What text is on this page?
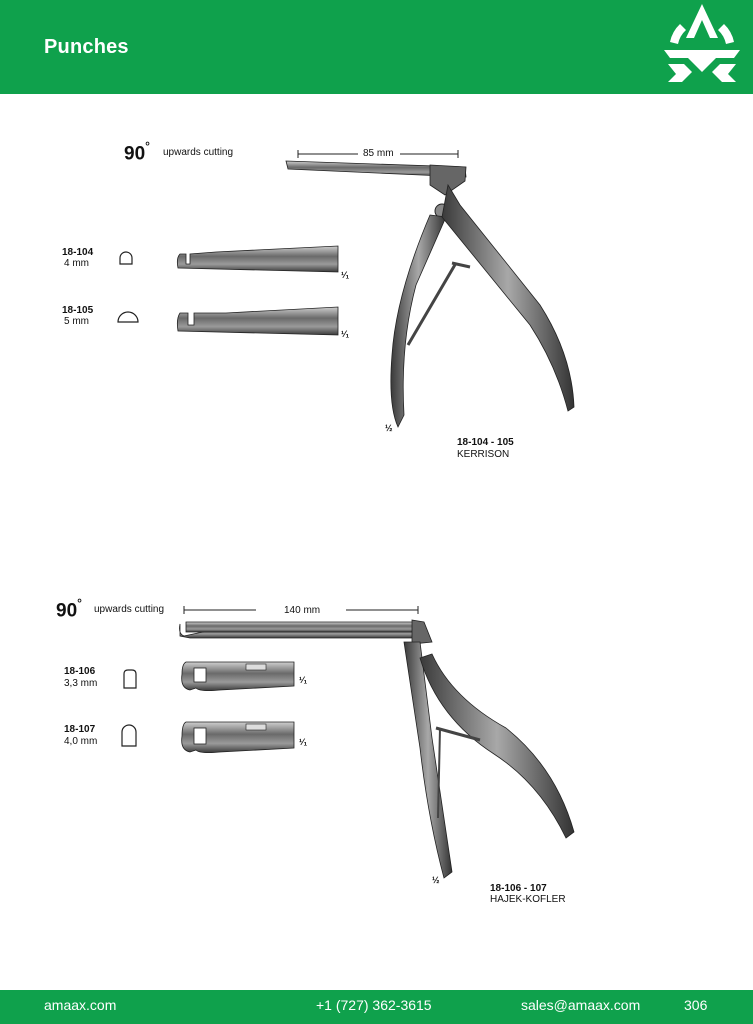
Punches
90° upwards cutting	85 mm
18-104
4 mm
18-105
5 mm
¹⁄₁
¹⁄₁
½
18-104 - 105
KERRISON
90° upwards cutting	140 mm
18-106
3,3 mm
18-107
4,0 mm
¹⁄₁
¹⁄₁
½
18-106 - 107
HAJEK-KOFLER
amaax.com	+1 (727) 362-3615	sales@amaax.com	306
